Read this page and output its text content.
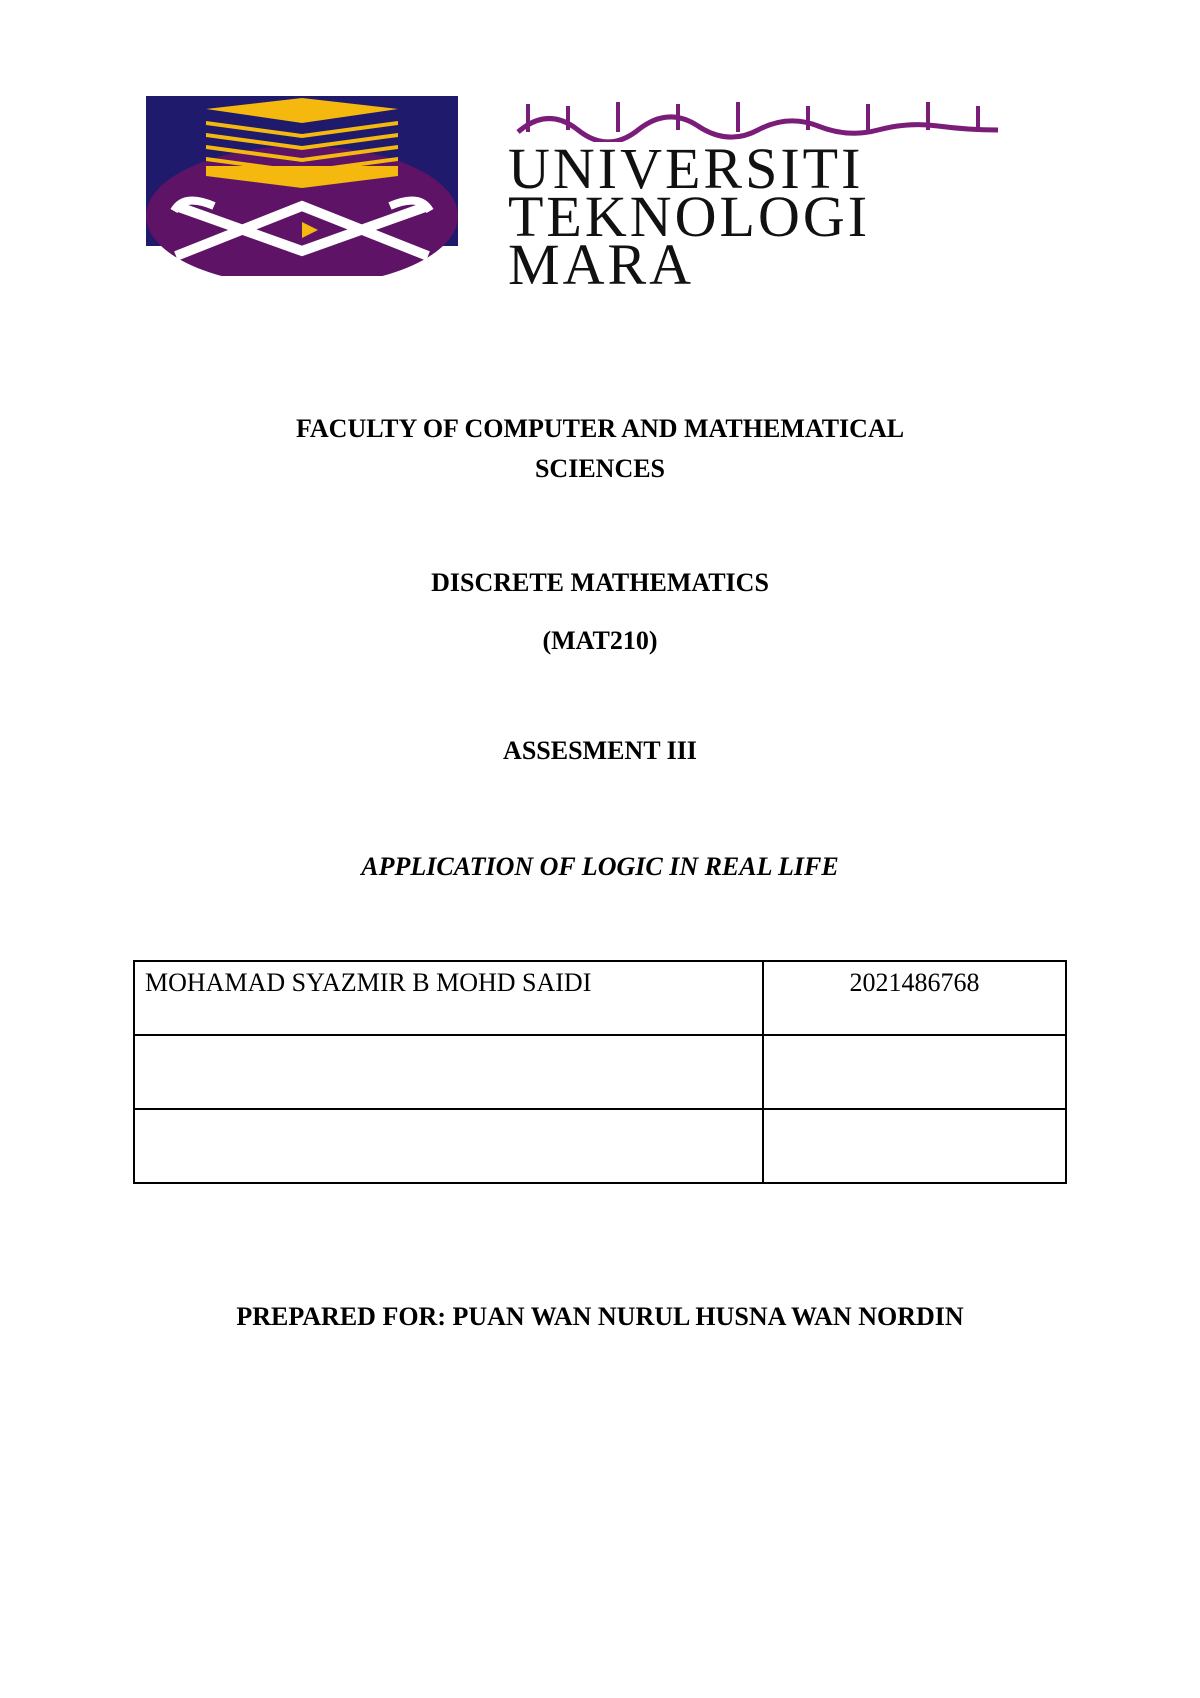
UNIVERSITI
TEKNOLOGI
MARA
FACULTY OF COMPUTER AND MATHEMATICAL
SCIENCES
DISCRETE MATHEMATICS
(MAT210)
ASSESMENT III
APPLICATION OF LOGIC IN REAL LIFE
MOHAMAD SYAZMIR B MOHD SAIDI	2021486768

PREPARED FOR: PUAN WAN NURUL HUSNA WAN NORDIN
